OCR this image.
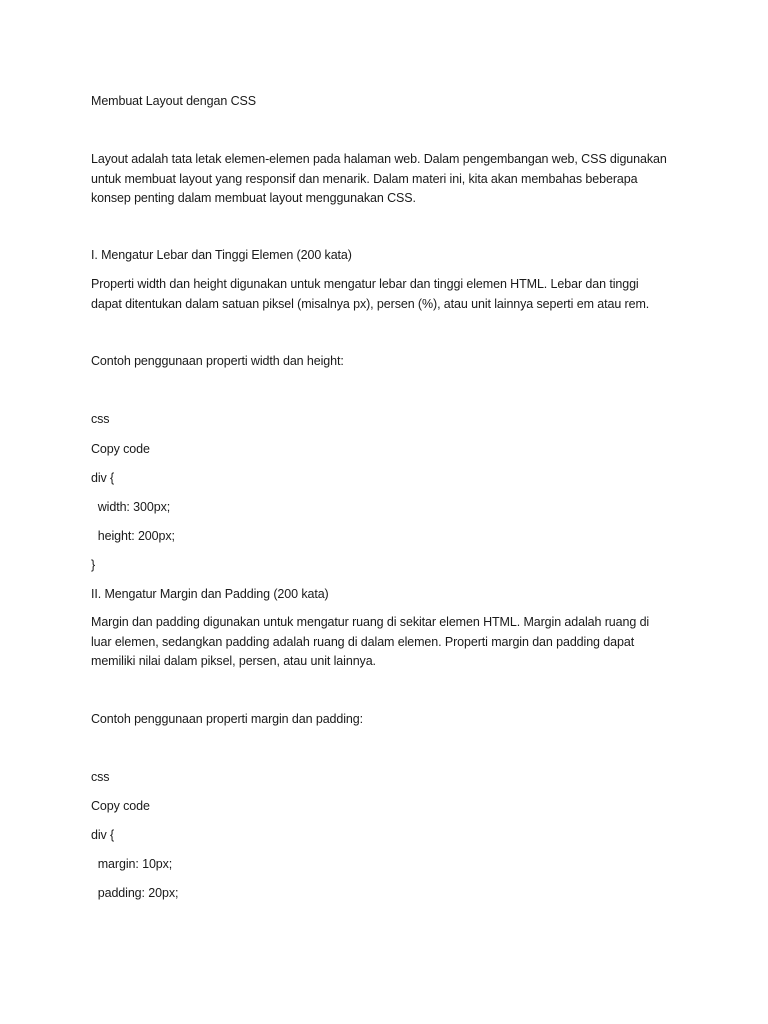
Membuat Layout dengan CSS

Layout adalah tata letak elemen-elemen pada halaman web. Dalam pengembangan web, CSS digunakan
untuk membuat layout yang responsif dan menarik. Dalam materi ini, kita akan membahas beberapa
konsep penting dalam membuat layout menggunakan CSS.

I. Mengatur Lebar dan Tinggi Elemen (200 kata)

Properti width dan height digunakan untuk mengatur lebar dan tinggi elemen HTML. Lebar dan tinggi
dapat ditentukan dalam satuan piksel (misalnya px), persen (%), atau unit lainnya seperti em atau rem.

Contoh penggunaan properti width dan height:

css

Copy code

div {

width: 300px;

height: 200px;

}

II. Mengatur Margin dan Padding (200 kata)

Margin dan padding digunakan untuk mengatur ruang di sekitar elemen HTML. Margin adalah ruang di
luar elemen, sedangkan padding adalah ruang di dalam elemen. Properti margin dan padding dapat
memiliki nilai dalam piksel, persen, atau unit lainnya.

Contoh penggunaan properti margin dan padding:

css

Copy code

div {

margin: 10px;

padding: 20px;
